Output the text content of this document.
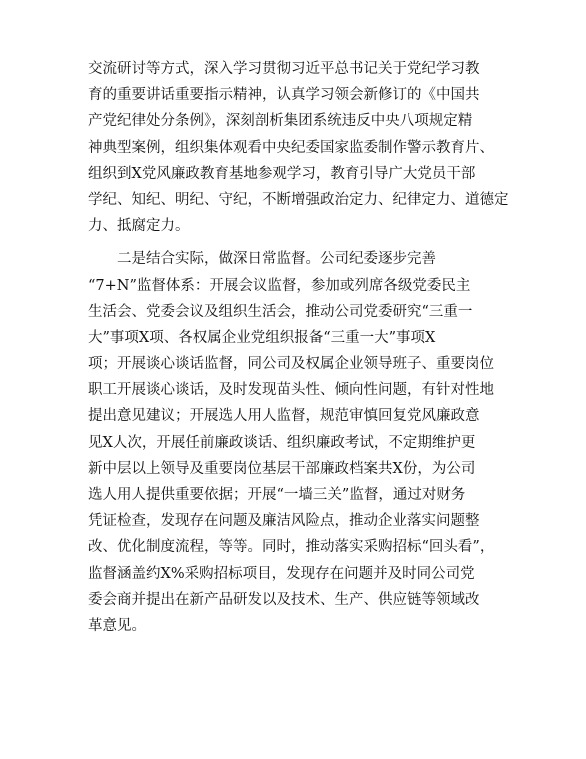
交流研讨等方式，深入学习贯彻习近平总书记关于党纪学习教
育的重要讲话重要指示精神，认真学习领会新修订的《中国共
产党纪律处分条例》，深刻剖析集团系统违反中央八项规定精
神典型案例，组织集体观看中央纪委国家监委制作警示教育片、
组织到X党风廉政教育基地参观学习，教育引导广大党员干部
学纪、知纪、明纪、守纪，不断增强政治定力、纪律定力、道德定
力、抵腐定力。
　　二是结合实际，做深日常监督。公司纪委逐步完善
“7+N”监督体系：开展会议监督，参加或列席各级党委民主
生活会、党委会议及组织生活会，推动公司党委研究“三重一
大”事项X项、各权属企业党组织报备“三重一大”事项X
项；开展谈心谈话监督，同公司及权属企业领导班子、重要岗位
职工开展谈心谈话，及时发现苗头性、倾向性问题，有针对性地
提出意见建议；开展选人用人监督，规范审慎回复党风廉政意
见X人次，开展任前廉政谈话、组织廉政考试，不定期维护更
新中层以上领导及重要岗位基层干部廉政档案共X份，为公司
选人用人提供重要依据；开展“一墙三关”监督，通过对财务
凭证检查，发现存在问题及廉洁风险点，推动企业落实问题整
改、优化制度流程，等等。同时，推动落实采购招标“回头看”，
监督涵盖约X%采购招标项目，发现存在问题并及时同公司党
委会商并提出在新产品研发以及技术、生产、供应链等领域改
革意见。
